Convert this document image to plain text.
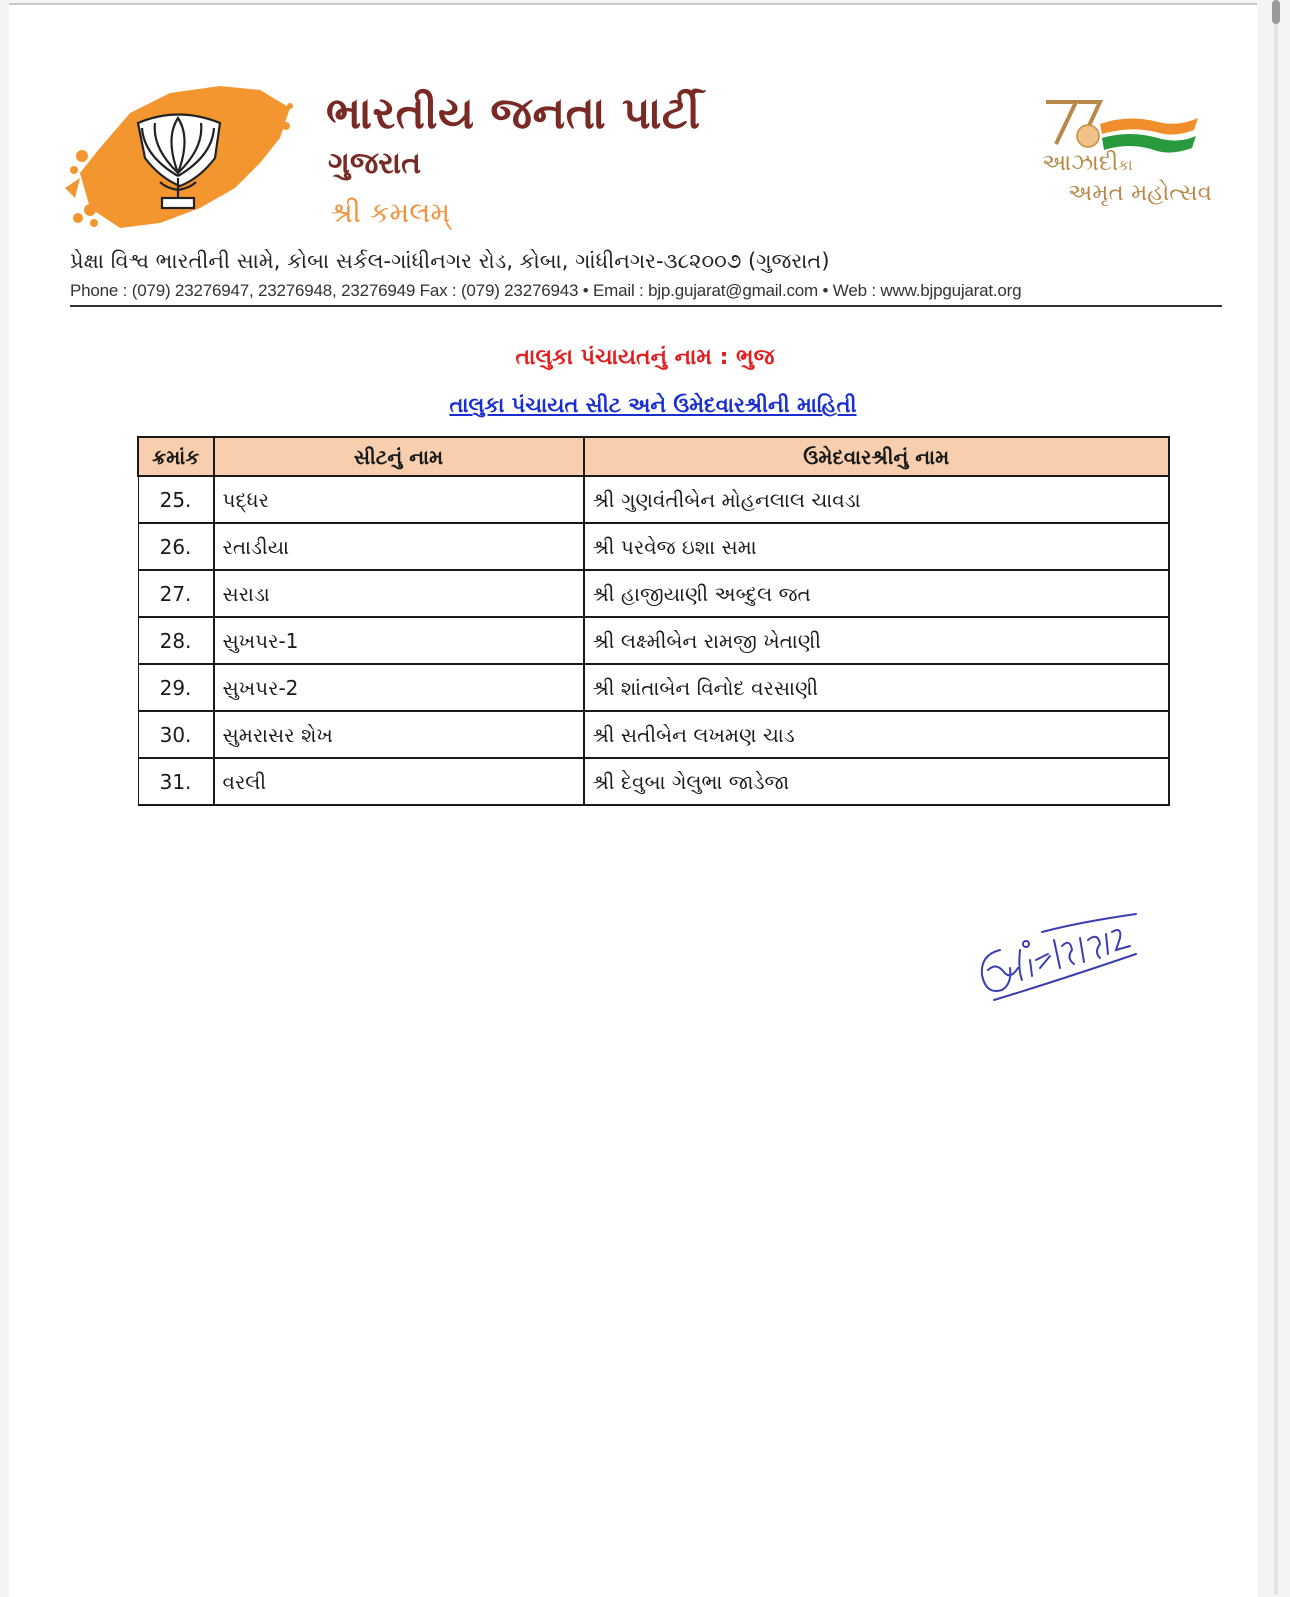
ભારતીય જનતા પાર્ટી
ગુજરાત
શ્રી કમલમ્
આઝાદીકા
અમૃત મહોત્સવ
પ્રેક્ષા વિશ્વ ભારતીની સામે, કોબા સર્કલ-ગાંધીનગર રોડ, કોબા, ગાંધીનગર-૩૮૨૦૦૭ (ગુજરાત)
Phone : (079) 23276947, 23276948, 23276949 Fax : (079) 23276943 • Email : bjp.gujarat@gmail.com • Web : www.bjpgujarat.org
તાલુકા પંચાયતનું નામ : ભુજ
તાલુકા પંચાયત સીટ અને ઉમેદવારશ્રીની માહિતી
ક્રમાંક	સીટનું નામ	ઉમેદવારશ્રીનું નામ
25.	પદ્ધર	શ્રી ગુણવંતીબેન મોહનલાલ ચાવડા
26.	રતાડીયા	શ્રી પરવેજ ઇશા સમા
27.	સરાડા	શ્રી હાજીયાણી અબ્દુલ જત
28.	સુખપર-1	શ્રી લક્ષ્મીબેન રામજી ખેતાણી
29.	સુખપર-2	શ્રી શાંતાબેન વિનોદ વરસાણી
30.	સુમરાસર શેખ	શ્રી સતીબેન લખમણ ચાડ
31.	વરલી	શ્રી દેવુબા ગેલુભા જાડેજા
